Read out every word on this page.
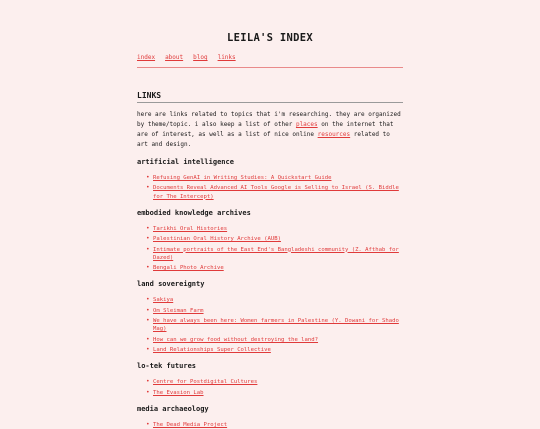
LEILA'S INDEX
index about blog links
LINKS

here are links related to topics that i'm researching. they are organized by theme/topic. i also keep a list of other places on the internet that are of interest, as well as a list of nice online resources related to art and design.

artificial intelligence
• Refusing GenAI in Writing Studies: A Quickstart Guide
• Documents Reveal Advanced AI Tools Google is Selling to Israel (S. Biddle for The Intercept)
embodied knowledge archives
• Tarikhi Oral Histories
• Palestinian Oral History Archive (AUB)
• Intimate portraits of the East End's Bangladeshi community (Z. Afthab for Dazed)
• Bengali Photo Archive
land sovereignty
• Sakiya
• Om Sleiman Farm
• We have always been here: Women farmers in Palestine (Y. Dowani for Shado Mag)
• How can we grow food without destroying the land?
• Land Relationships Super Collective
lo-tek futures
• Centre for Postdigital Cultures
• The Evasion Lab
media archaeology
• The Dead Media Project
